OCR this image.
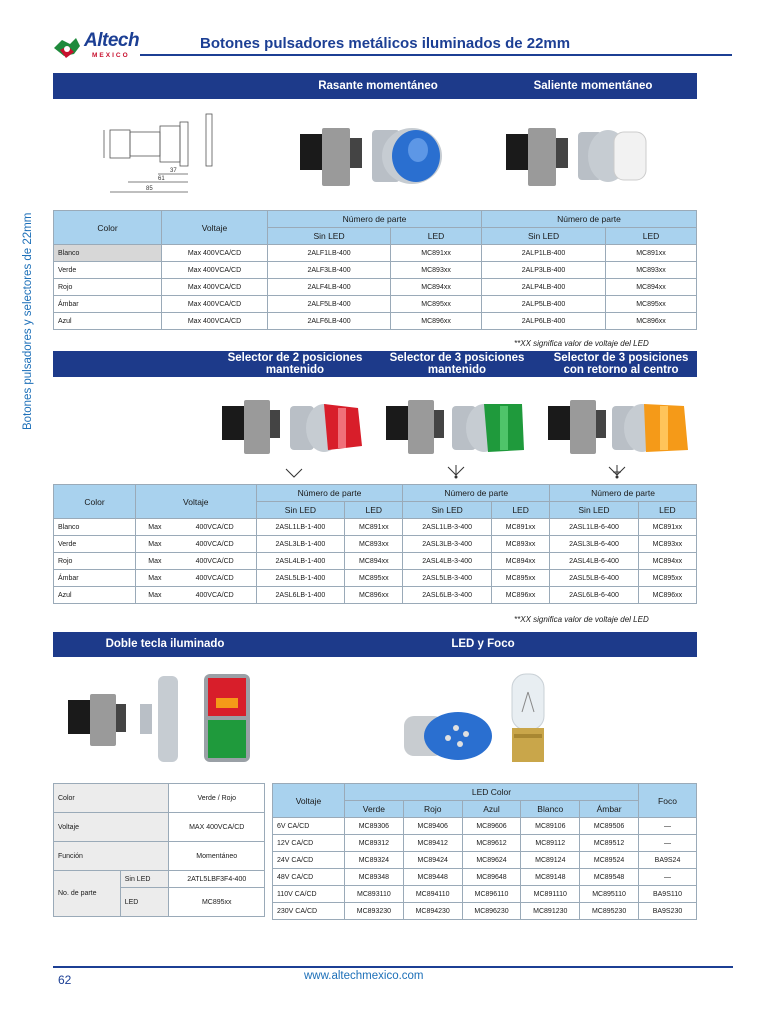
Altech
MEXICO
Botones pulsadores metálicos iluminados de 22mm
Botones pulsadores y selectores de 22mm
Rasante momentáneo	Saliente momentáneo
37
61
85
Color	Voltaje	Número de parte		Número de parte	
		Sin LED	LED	Sin LED	LED
Blanco	Max 400VCA/CD	2ALF1LB-400	MC891xx	2ALP1LB-400	MC891xx
Verde	Max 400VCA/CD	2ALF3LB-400	MC893xx	2ALP3LB-400	MC893xx
Rojo	Max 400VCA/CD	2ALF4LB-400	MC894xx	2ALP4LB-400	MC894xx
Ámbar	Max 400VCA/CD	2ALF5LB-400	MC895xx	2ALP5LB-400	MC895xx
Azul	Max 400VCA/CD	2ALF6LB-400	MC896xx	2ALP6LB-400	MC896xx
**XX significa valor de voltaje del LED
Selector de 2 posiciones mantenido
Selector de 3 posiciones mantenido
Selector de 3 posiciones con retorno al centro
Color	Voltaje		Número de parte		Número de parte		Número de parte	
			Sin LED	LED	Sin LED	LED	Sin LED	LED
Blanco	Max	400VCA/CD	2ASL1LB-1-400	MC891xx	2ASL1LB-3-400	MC891xx	2ASL1LB-6-400	MC891xx
Verde	Max	400VCA/CD	2ASL3LB-1-400	MC893xx	2ASL3LB-3-400	MC893xx	2ASL3LB-6-400	MC893xx
Rojo	Max	400VCA/CD	2ASL4LB-1-400	MC894xx	2ASL4LB-3-400	MC894xx	2ASL4LB-6-400	MC894xx
Ámbar	Max	400VCA/CD	2ASL5LB-1-400	MC895xx	2ASL5LB-3-400	MC895xx	2ASL5LB-6-400	MC895xx
Azul	Max	400VCA/CD	2ASL6LB-1-400	MC896xx	2ASL6LB-3-400	MC896xx	2ASL6LB-6-400	MC896xx
**XX significa valor de voltaje del LED
Doble tecla iluminado	LED y Foco
Color		Verde / Rojo
Voltaje		MAX 400VCA/CD
Función		Momentáneo
No. de parte	Sin LED	2ATL5LBF3F4-400
	LED	MC895xx
Voltaje	LED Color					Foco
	Verde	Rojo	Azul	Blanco	Ámbar	
6V CA/CD	MC89306	MC89406	MC89606	MC89106	MC89506	—
12V CA/CD	MC89312	MC89412	MC89612	MC89112	MC89512	—
24V CA/CD	MC89324	MC89424	MC89624	MC89124	MC89524	BA9S24
48V CA/CD	MC89348	MC89448	MC89648	MC89148	MC89548	—
110V CA/CD	MC893110	MC894110	MC896110	MC891110	MC895110	BA9S110
230V CA/CD	MC893230	MC894230	MC896230	MC891230	MC895230	BA9S230
62	www.altechmexico.com
